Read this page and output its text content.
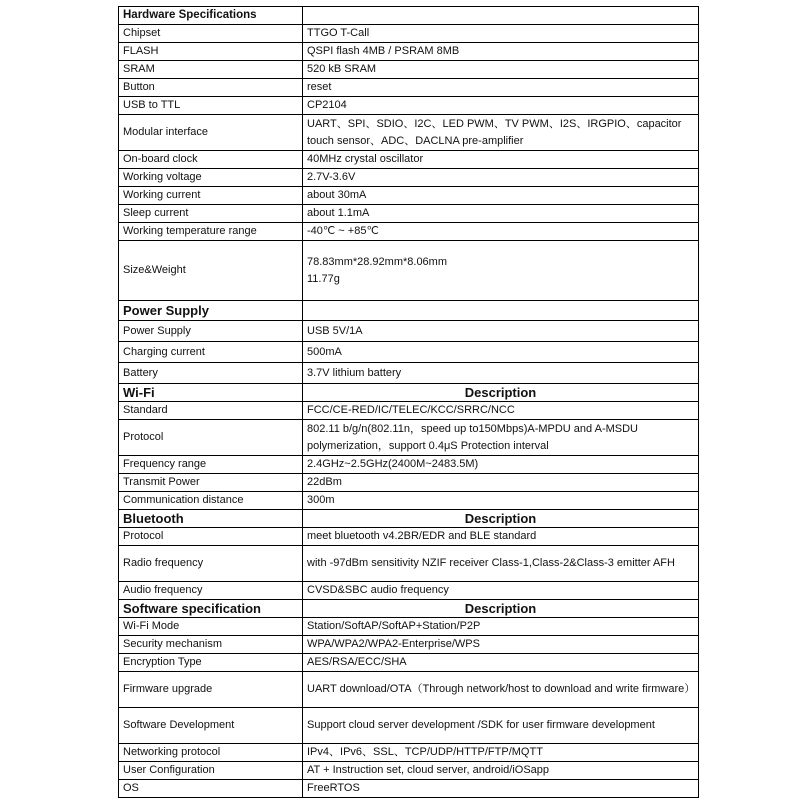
Hardware Specifications	
Chipset	TTGO T-Call
FLASH	QSPI flash 4MB / PSRAM 8MB
SRAM	520 kB SRAM
Button	reset
USB to TTL	CP2104
Modular interface	UART、SPI、SDIO、I2C、LED PWM、TV PWM、I2S、IRGPIO、capacitor touch sensor、ADC、DACLNA pre-amplifier
On-board clock	40MHz crystal oscillator
Working voltage	2.7V-3.6V
Working current	about 30mA
Sleep current	about 1.1mA
Working temperature range	-40℃ ~ +85℃
Size&Weight	78.83mm*28.92mm*8.06mm
11.77g

Power Supply	
Power Supply	USB 5V/1A
Charging current	500mA
Battery	3.7V lithium battery
Wi-Fi	Description
Standard	FCC/CE-RED/IC/TELEC/KCC/SRRC/NCC
Protocol	802.11 b/g/n(802.11n，speed up to150Mbps)A-MPDU and A-MSDU polymerization，support 0.4μS Protection interval
Frequency range	2.4GHz~2.5GHz(2400M~2483.5M)
Transmit Power	22dBm
Communication distance	300m
Bluetooth	Description
Protocol	meet bluetooth v4.2BR/EDR and BLE standard
Radio frequency	with -97dBm sensitivity NZIF receiver Class-1,Class-2&Class-3 emitter AFH
Audio frequency	CVSD&SBC audio frequency
Software specification	Description
Wi-Fi Mode	Station/SoftAP/SoftAP+Station/P2P
Security mechanism	WPA/WPA2/WPA2-Enterprise/WPS
Encryption Type	AES/RSA/ECC/SHA
Firmware upgrade	UART download/OTA（Through network/host to download and write firmware）
Software Development	Support cloud server development /SDK for user firmware development
Networking protocol	IPv4、IPv6、SSL、TCP/UDP/HTTP/FTP/MQTT
User Configuration	AT + Instruction set, cloud server, android/iOSapp
OS	FreeRTOS
